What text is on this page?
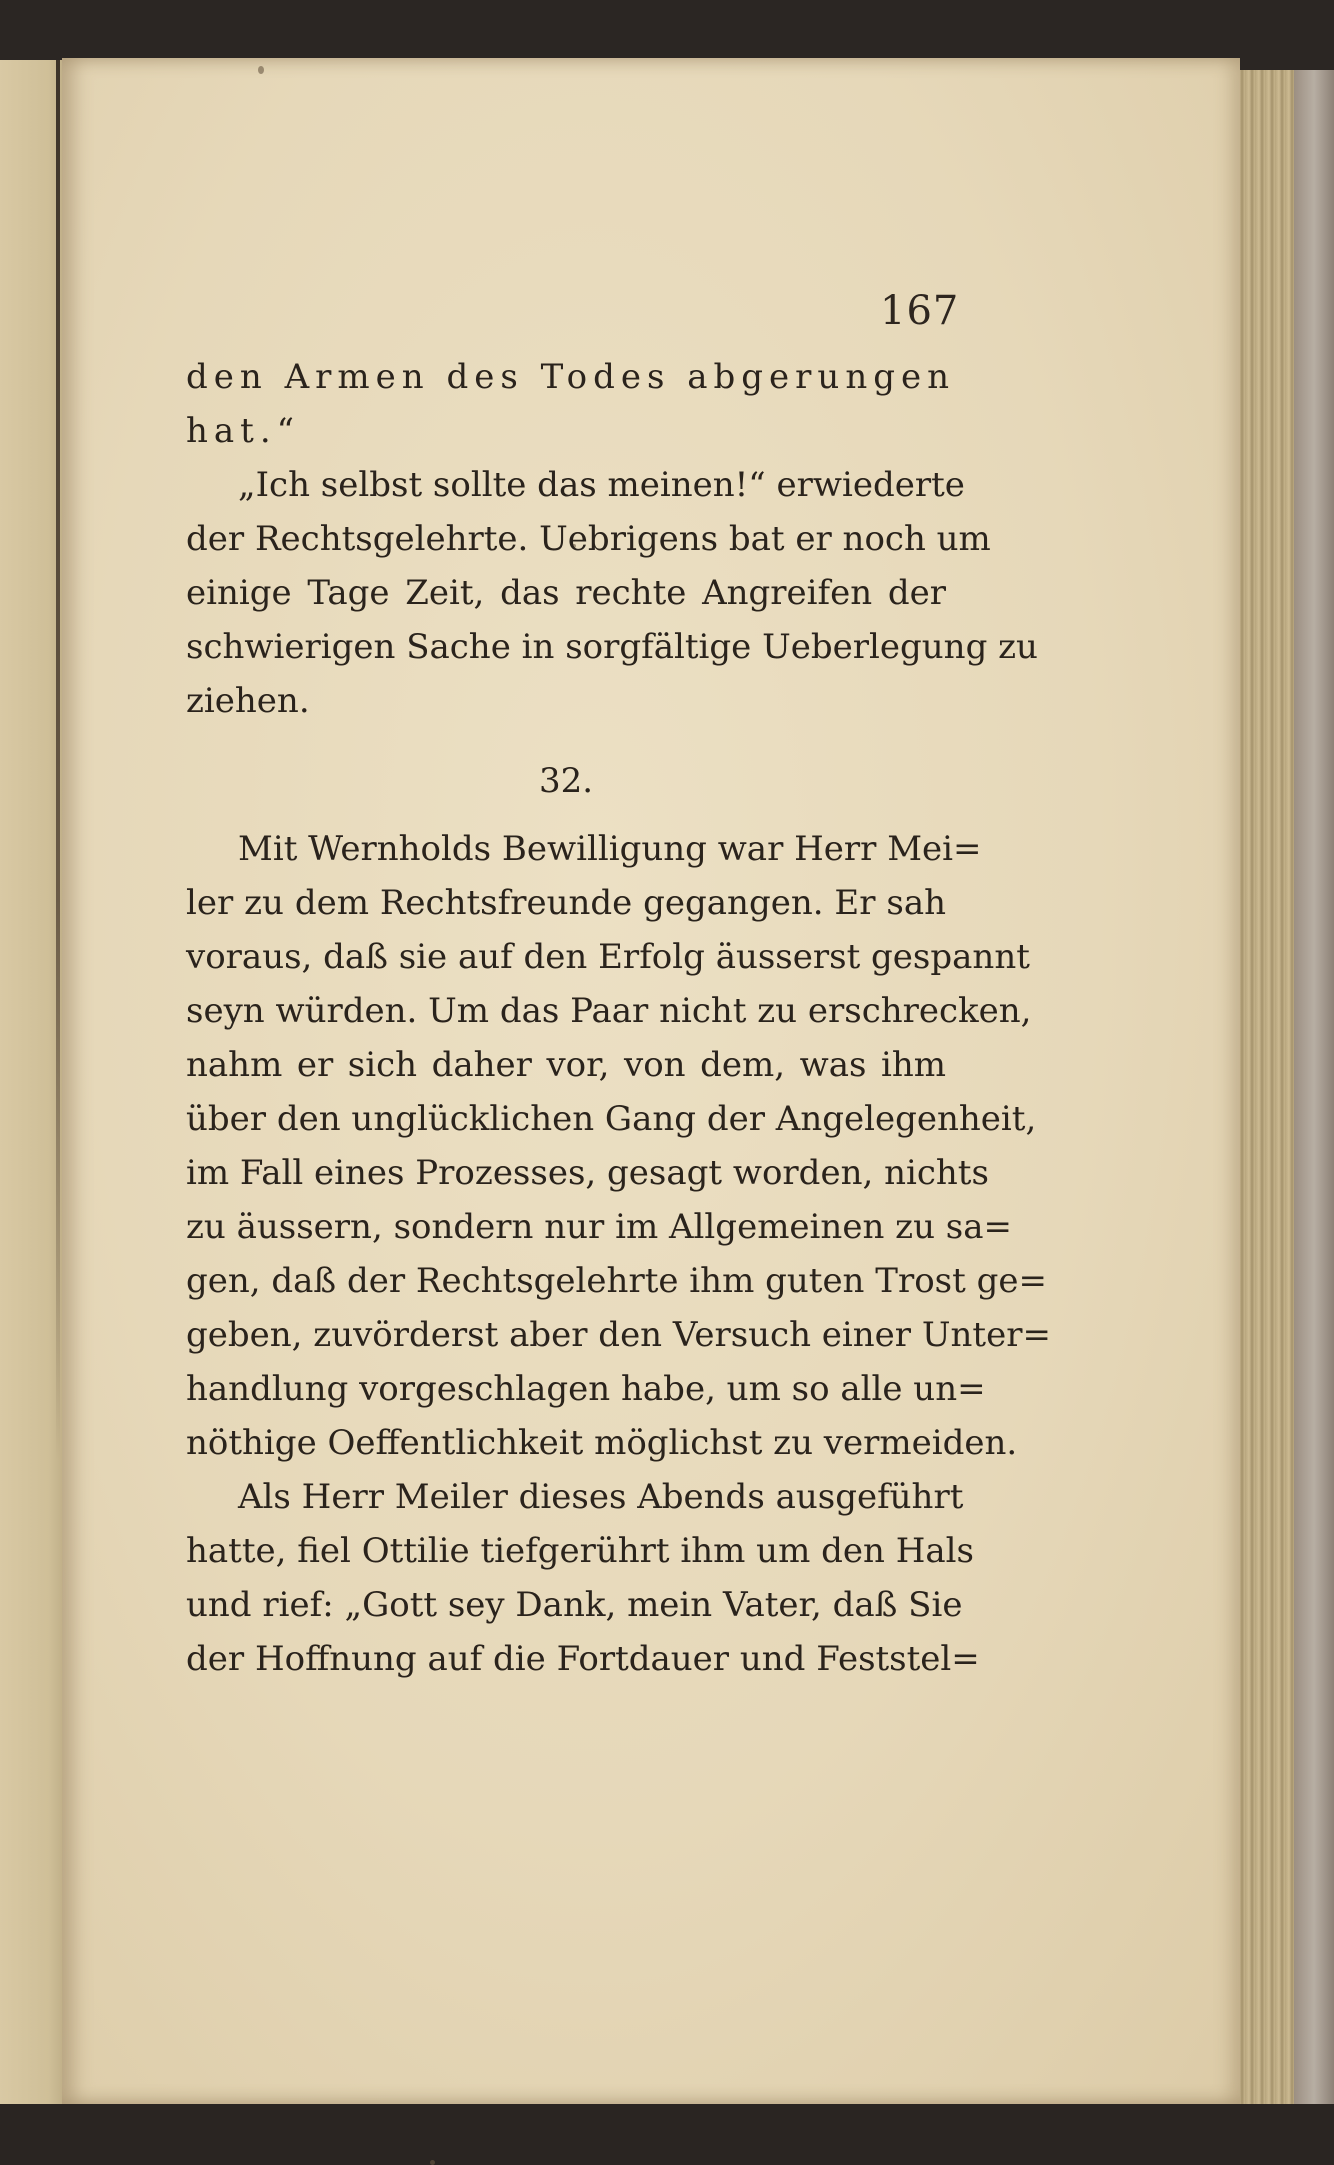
167
den Armen des Todes abgerungen
hat.“
„Ich selbst sollte das meinen!“ erwiederte
der Rechtsgelehrte. Uebrigens bat er noch um
einige Tage Zeit, das rechte Angreifen der
schwierigen Sache in sorgfältige Ueberlegung zu
ziehen.
32.
Mit Wernholds Bewilligung war Herr Mei=
ler zu dem Rechtsfreunde gegangen. Er sah
voraus, daß sie auf den Erfolg äusserst gespannt
seyn würden. Um das Paar nicht zu erschrecken,
nahm er sich daher vor, von dem, was ihm
über den unglücklichen Gang der Angelegenheit,
im Fall eines Prozesses, gesagt worden, nichts
zu äussern, sondern nur im Allgemeinen zu sa=
gen, daß der Rechtsgelehrte ihm guten Trost ge=
geben, zuvörderst aber den Versuch einer Unter=
handlung vorgeschlagen habe, um so alle un=
nöthige Oeffentlichkeit möglichst zu vermeiden.
Als Herr Meiler dieses Abends ausgeführt
hatte, fiel Ottilie tiefgerührt ihm um den Hals
und rief: „Gott sey Dank, mein Vater, daß Sie
der Hoffnung auf die Fortdauer und Feststel=
